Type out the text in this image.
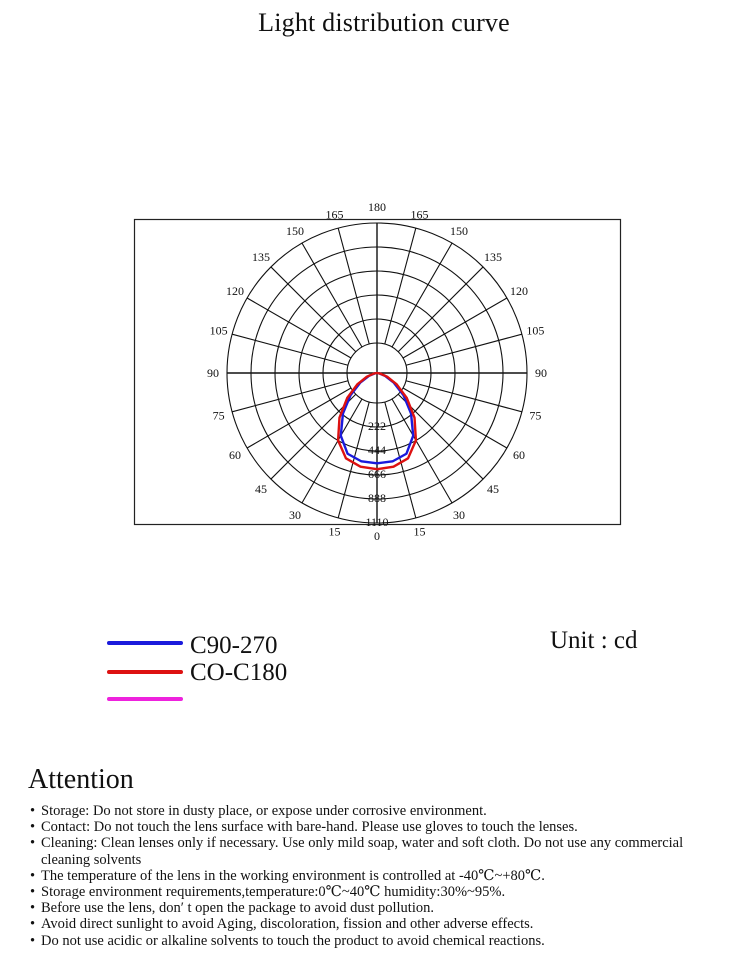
Light distribution curve
165	165
150	150
135	135
120	120
105	105
90	90
75	75
60	60
45	45
30	30
15	15
180
0
222
444
666
888
1110
C90-270
CO-C180
Unit : cd
Attention
• Storage: Do not store in dusty place, or expose under corrosive environment.
• Contact: Do not touch the lens surface with bare-hand. Please use gloves to touch the lenses.
• Cleaning: Clean lenses only if necessary. Use only mild soap, water and soft cloth. Do not use any commercial cleaning solvents
• The temperature of the lens in the working environment is controlled at -40℃~+80℃.
• Storage environment requirements,temperature:0℃~40℃ humidity:30%~95%.
• Before use the lens, don′ t open the package to avoid dust pollution.
• Avoid direct sunlight to avoid Aging, discoloration, fission and other adverse effects.
• Do not use acidic or alkaline solvents to touch the product to avoid chemical reactions.
